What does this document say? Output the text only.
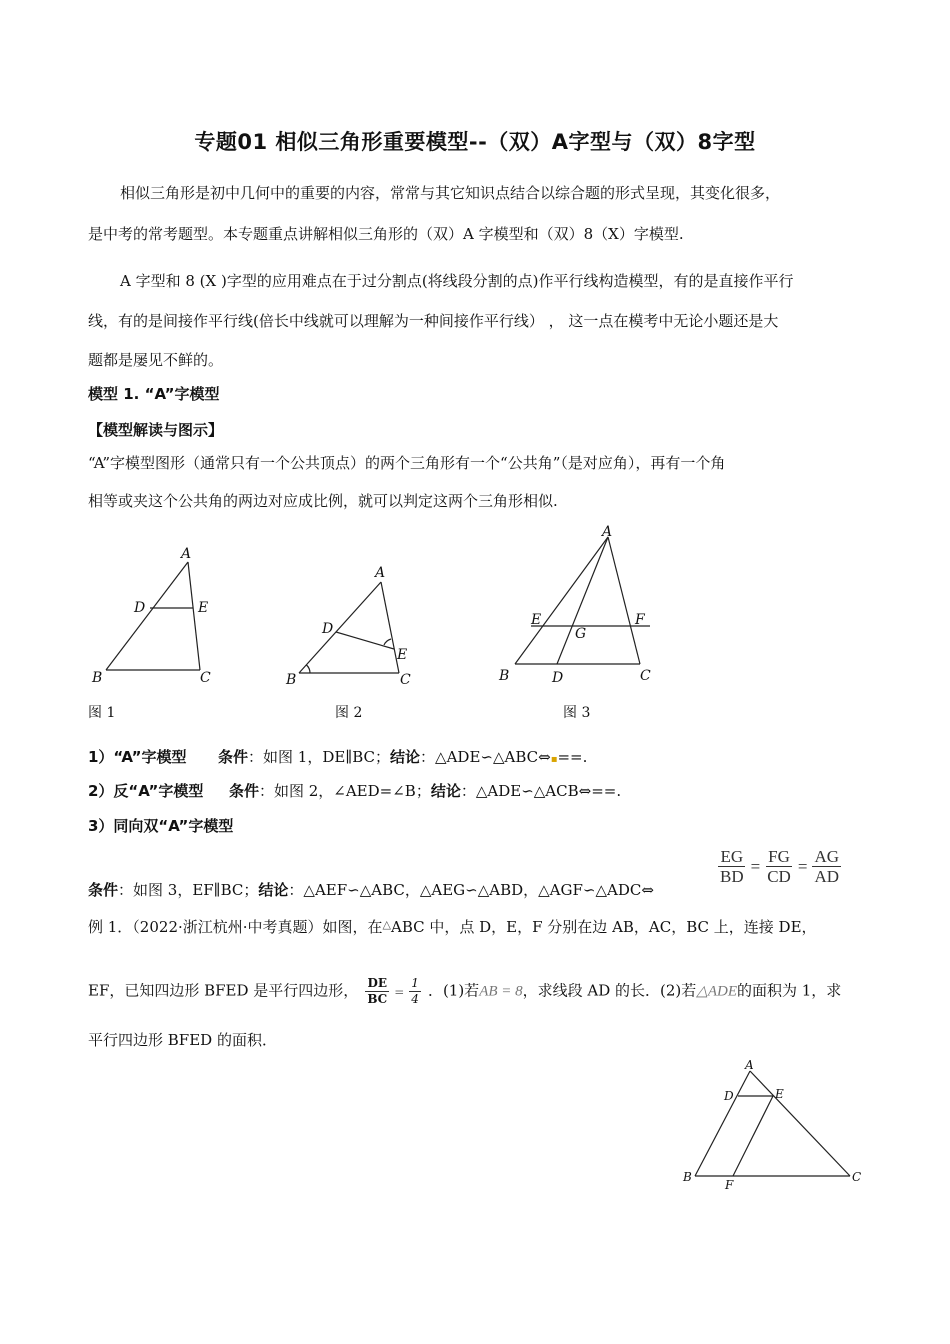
专题01 相似三角形重要模型--（双）A字型与（双）8字型
相似三角形是初中几何中的重要的内容，常常与其它知识点结合以综合题的形式呈现，其变化很多，
是中考的常考题型。本专题重点讲解相似三角形的（双）A 字模型和（双）8（X）字模型.
A 字型和 8 (X )字型的应用难点在于过分割点(将线段分割的点)作平行线构造模型，有的是直接作平行
线，有的是间接作平行线(倍长中线就可以理解为一种间接作平行线） ， 这一点在模考中无论小题还是大
题都是屡见不鲜的。
模型 1. “A”字模型
【模型解读与图示】
“A”字模型图形（通常只有一个公共顶点）的两个三角形有一个“公共角”（是对应角），再有一个角
相等或夹这个公共角的两边对应成比例，就可以判定这两个三角形相似.
A
D	E
B	C
图 1
A
D
E
B	C
图 2
A
E	F
G
B	D	C
图 3
1）“A”字模型 条件：如图 1，DE∥BC；结论：△ADE∽△ABC⇔▪==.
2）反“A”字模型 条件：如图 2，∠AED=∠B；结论：△ADE∽△ACB⇔==.
3）同向双“A”字模型
$\frac{EG}{BD} = \frac{FG}{CD} = \frac{AG}{AD}$
条件：如图 3，EF∥BC；结论：△AEF∽△ABC，△AEG∽△ABD，△AGF∽△ADC⇔
例 1．（2022·浙江杭州·中考真题）如图，在△ABC 中，点 D，E，F 分别在边 AB，AC，BC 上，连接 DE，
EF，已知四边形 BFED 是平行四边形， $\frac{DE}{BC} = \frac{1}{4}$ ．(1)若AB = 8，求线段 AD 的长．(2)若△ADE的面积为 1，求
平行四边形 BFED 的面积．
A
D	E
B
F
C
